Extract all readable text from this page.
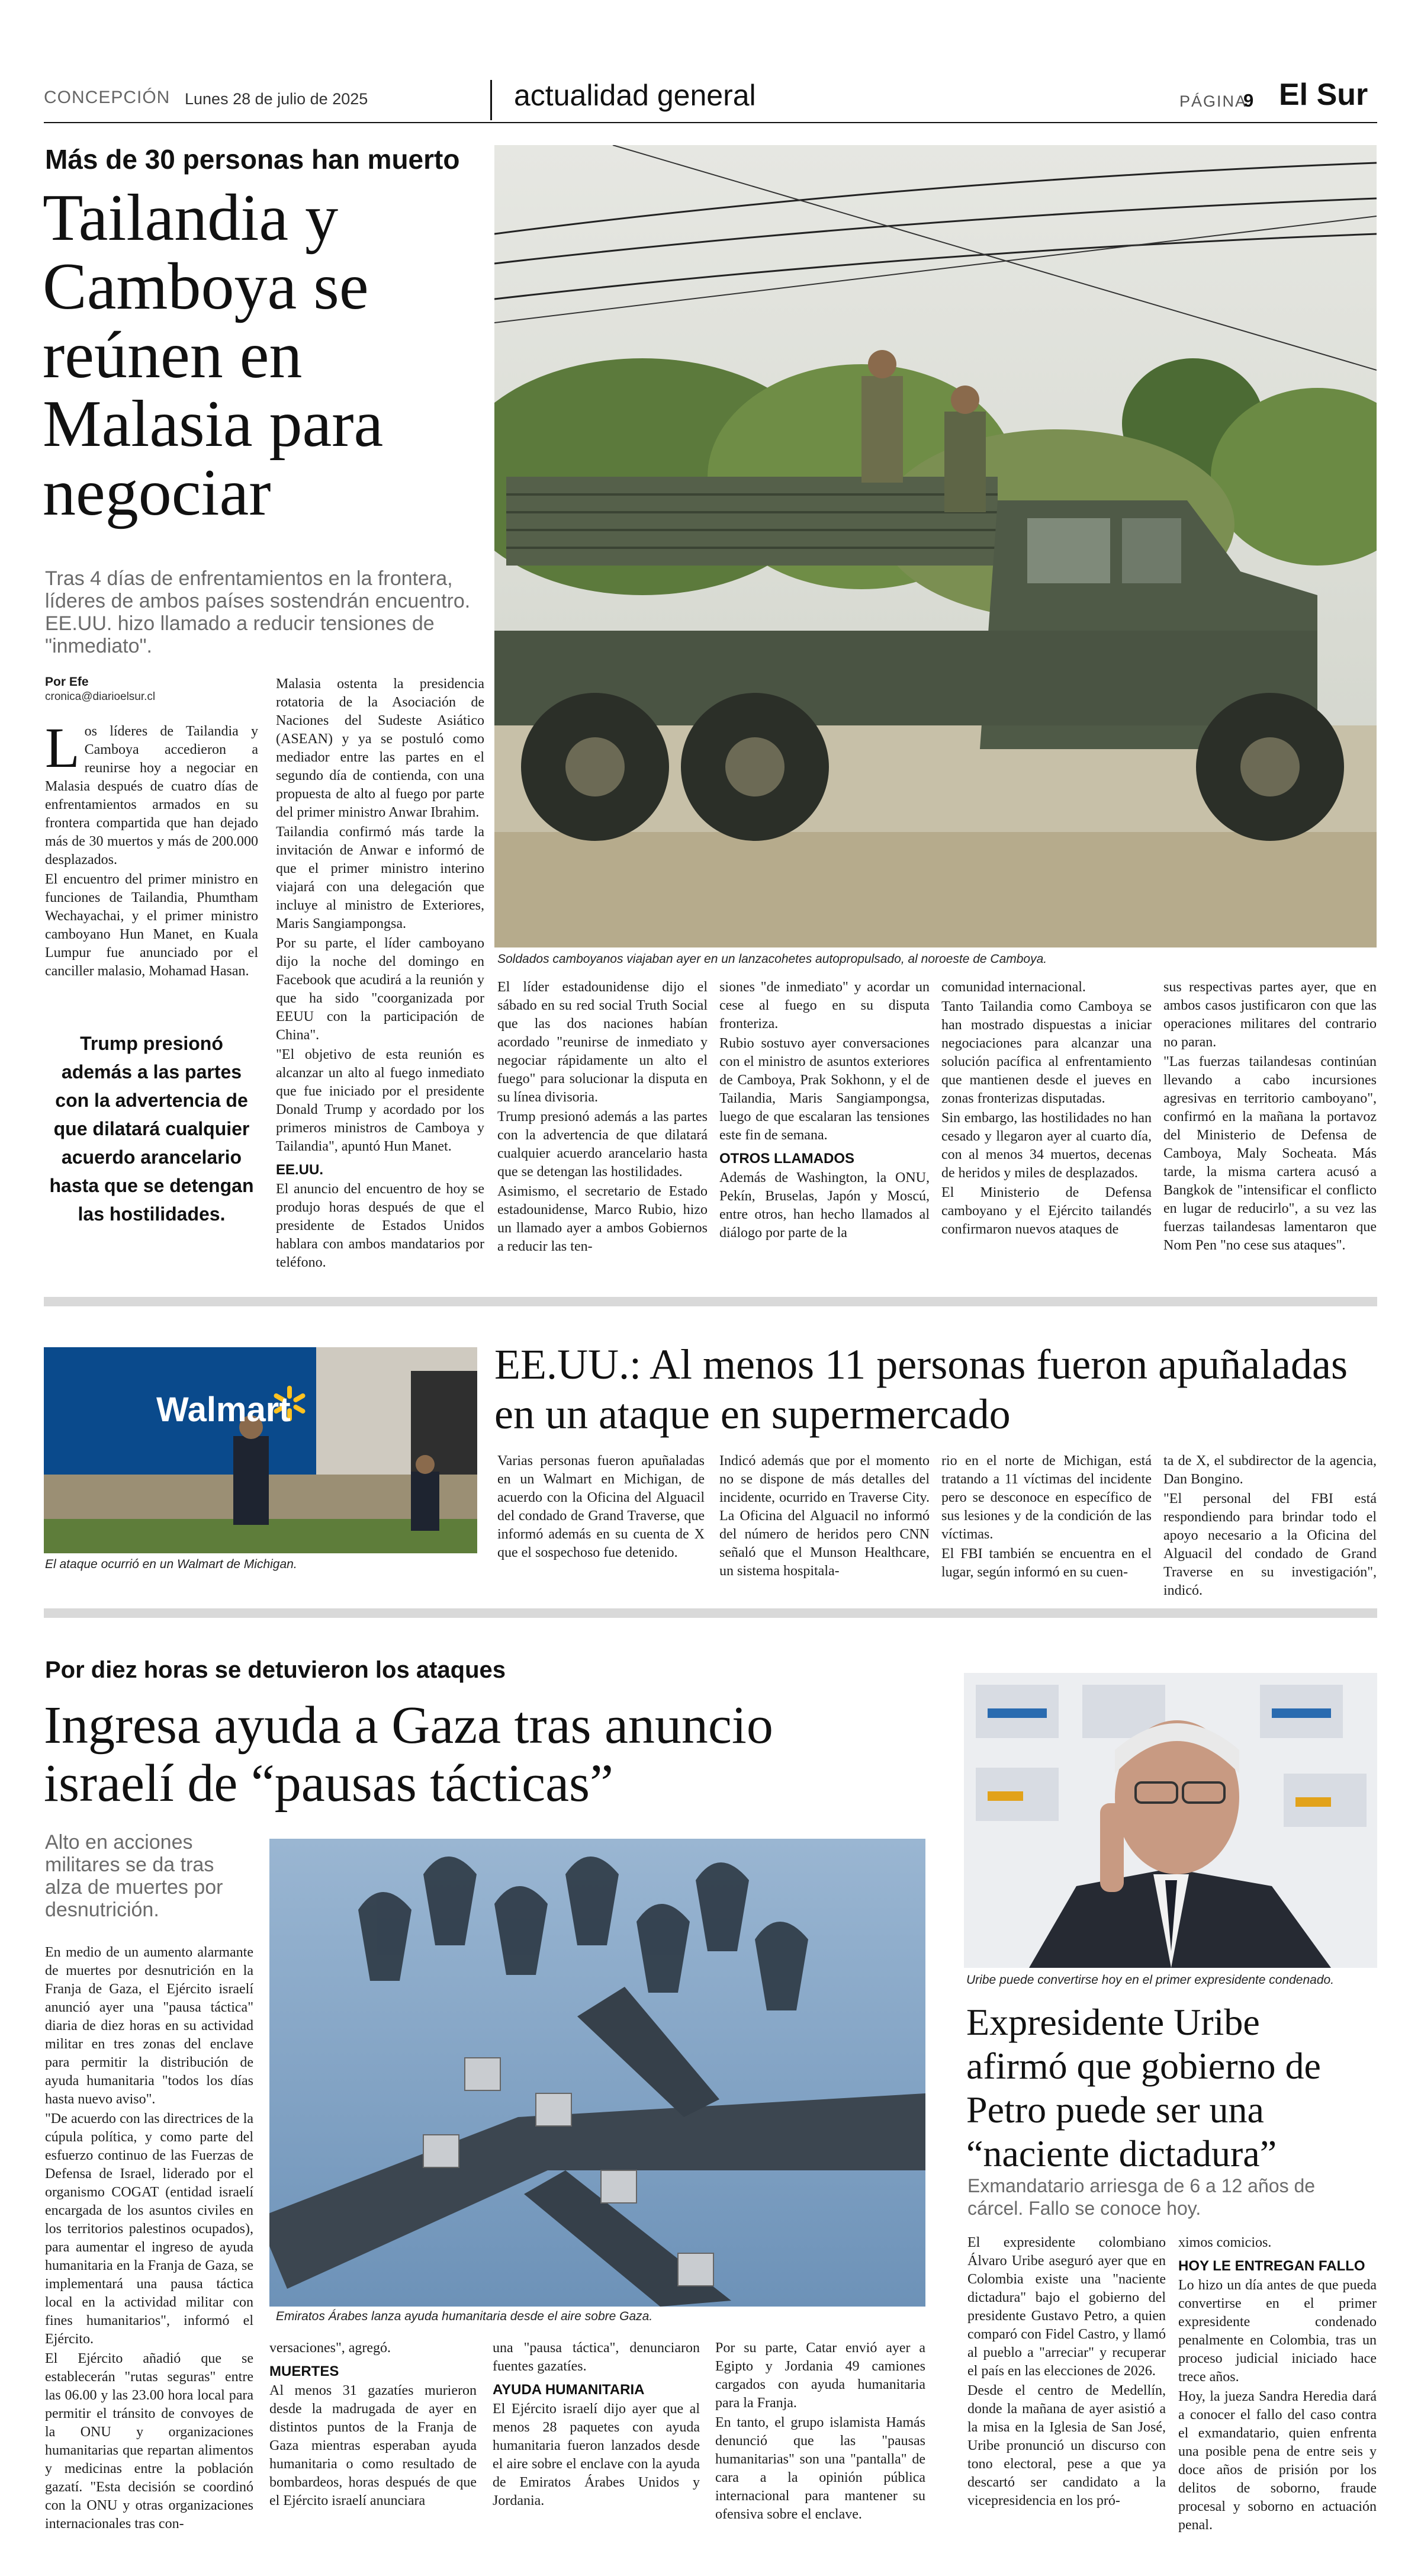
CONCEPCIÓN Lunes 28 de julio de 2025	actualidad general	PÁGINA
9 El Sur
Más de 30 personas han muerto
Tailandia y
Camboya se
reúnen en
Malasia para
negociar
Tras 4 días de enfrentamientos en la frontera, líderes de ambos países sostendrán encuentro. EE.UU. hizo llamado a reducir tensiones de "inmediato".
Por Efe
cronica@diarioelsur.cl

Los líderes de Tailandia y Camboya accedieron a reunirse hoy a negociar en Malasia después de cuatro días de enfrentamientos armados en su frontera compartida que han dejado más de 30 muertos y más de 200.000 desplazados.

El encuentro del primer ministro en funciones de Tailandia, Phumtham Wechayachai, y el primer ministro camboyano Hun Manet, en Kuala Lumpur fue anunciado por el canciller malasio, Mohamad Hasan.

Trump presionó además a las partes con la advertencia de que dilatará cualquier acuerdo arancelario hasta que se detengan las hostilidades.

Malasia ostenta la presidencia rotatoria de la Asociación de Naciones del Sudeste Asiático (ASEAN) y ya se postuló como mediador entre las partes en el segundo día de contienda, con una propuesta de alto al fuego por parte del primer ministro Anwar Ibrahim.

Tailandia confirmó más tarde la invitación de Anwar e informó de que el primer ministro interino viajará con una delegación que incluye al ministro de Exteriores, Maris Sangiampongsa.

Por su parte, el líder camboyano dijo la noche del domingo en Facebook que acudirá a la reunión y que ha sido "coorganizada por EEUU con la participación de China".

"El objetivo de esta reunión es alcanzar un alto al fuego inmediato que fue iniciado por el presidente Donald Trump y acordado por los primeros ministros de Camboya y Tailandia", apuntó Hun Manet.

EE.UU.

El anuncio del encuentro de hoy se produjo horas después de que el presidente de Estados Unidos hablara con ambos mandatarios por teléfono.

Soldados camboyanos viajaban ayer en un lanzacohetes autopropulsado, al noroeste de Camboya.

El líder estadounidense dijo el sábado en su red social Truth Social que las dos naciones habían acordado "reunirse de inmediato y negociar rápidamente un alto el fuego" para solucionar la disputa en su línea divisoria.

Trump presionó además a las partes con la advertencia de que dilatará cualquier acuerdo arancelario hasta que se detengan las hostilidades.

Asimismo, el secretario de Estado estadounidense, Marco Rubio, hizo un llamado ayer a ambos Gobiernos a reducir las ten-

siones "de inmediato" y acordar un cese al fuego en su disputa fronteriza.

Rubio sostuvo ayer conversaciones con el ministro de asuntos exteriores de Camboya, Prak Sokhonn, y el de Tailandia, Maris Sangiampongsa, luego de que escalaran las tensiones este fin de semana.

OTROS LLAMADOS

Además de Washington, la ONU, Pekín, Bruselas, Japón y Moscú, entre otros, han hecho llamados al diálogo por parte de la

comunidad internacional.

Tanto Tailandia como Camboya se han mostrado dispuestas a iniciar negociaciones para alcanzar una solución pacífica al enfrentamiento que mantienen desde el jueves en zonas fronterizas disputadas.

Sin embargo, las hostilidades no han cesado y llegaron ayer al cuarto día, con al menos 34 muertos, decenas de heridos y miles de desplazados.

El Ministerio de Defensa camboyano y el Ejército tailandés confirmaron nuevos ataques de

sus respectivas partes ayer, que en ambos casos justificaron con que las operaciones militares del contrario no paran.

"Las fuerzas tailandesas continúan llevando a cabo incursiones agresivas en territorio camboyano", confirmó en la mañana la portavoz del Ministerio de Defensa de Camboya, Maly Socheata. Más tarde, la misma cartera acusó a Bangkok de "intensificar el conflicto en lugar de reducirlo", a su vez las fuerzas tailandesas lamentaron que Nom Pen "no cese sus ataques".

Walmart
El ataque ocurrió en un Walmart de Michigan.
EE.UU.: Al menos 11 personas fueron apuñaladas en un ataque en supermercado

Varias personas fueron apuñaladas en un Walmart en Michigan, de acuerdo con la Oficina del Alguacil del condado de Grand Traverse, que informó además en su cuenta de X que el sospechoso fue detenido.

Indicó además que por el momento no se dispone de más detalles del incidente, ocurrido en Traverse City. La Oficina del Alguacil no informó del número de heridos pero CNN señaló que el Munson Healthcare, un sistema hospitala-

rio en el norte de Michigan, está tratando a 11 víctimas del incidente pero se desconoce en específico de sus lesiones y de la condición de las víctimas.

El FBI también se encuentra en el lugar, según informó en su cuen-

ta de X, el subdirector de la agencia, Dan Bongino.

"El personal del FBI está respondiendo para brindar todo el apoyo necesario a la Oficina del Alguacil del condado de Grand Traverse en su investigación", indicó.

Por diez horas se detuvieron los ataques
Ingresa ayuda a Gaza tras anuncio
israelí de “pausas tácticas”
Alto en acciones militares se da tras alza de muertes por desnutrición.

En medio de un aumento alarmante de muertes por desnutrición en la Franja de Gaza, el Ejército israelí anunció ayer una "pausa táctica" diaria de diez horas en su actividad militar en tres zonas del enclave para permitir la distribución de ayuda humanitaria "todos los días hasta nuevo aviso".

"De acuerdo con las directrices de la cúpula política, y como parte del esfuerzo continuo de las Fuerzas de Defensa de Israel, liderado por el organismo COGAT (entidad israelí encargada de los asuntos civiles en los territorios palestinos ocupados), para aumentar el ingreso de ayuda humanitaria en la Franja de Gaza, se implementará una pausa táctica local en la actividad militar con fines humanitarios", informó el Ejército.

El Ejército añadió que se establecerán "rutas seguras" entre las 06.00 y las 23.00 hora local para permitir el tránsito de convoyes de la ONU y organizaciones humanitarias que repartan alimentos y medicinas entre la población gazatí. "Esta decisión se coordinó con la ONU y otras organizaciones internacionales tras con-

Emiratos Árabes lanza ayuda humanitaria desde el aire sobre Gaza.

versaciones", agregó.

MUERTES

Al menos 31 gazatíes murieron desde la madrugada de ayer en distintos puntos de la Franja de Gaza mientras esperaban ayuda humanitaria o como resultado de bombardeos, horas después de que el Ejército israelí anunciara

una "pausa táctica", denunciaron fuentes gazatíes.

AYUDA HUMANITARIA

El Ejército israelí dijo ayer que al menos 28 paquetes con ayuda humanitaria fueron lanzados desde el aire sobre el enclave con la ayuda de Emiratos Árabes Unidos y Jordania.

Por su parte, Catar envió ayer a Egipto y Jordania 49 camiones cargados con ayuda humanitaria para la Franja.

En tanto, el grupo islamista Hamás denunció que las "pausas humanitarias" son una "pantalla" de cara a la opinión pública internacional para mantener su ofensiva sobre el enclave.

Uribe puede convertirse hoy en el primer expresidente condenado.
Expresidente Uribe
afirmó que gobierno de
Petro puede ser una
“naciente dictadura”
Exmandatario arriesga de 6 a 12 años de cárcel. Fallo se conoce hoy.

El expresidente colombiano Álvaro Uribe aseguró ayer que en Colombia existe una "naciente dictadura" bajo el gobierno del presidente Gustavo Petro, a quien comparó con Fidel Castro, y llamó al pueblo a "arreciar" y recuperar el país en las elecciones de 2026.

Desde el centro de Medellín, donde la mañana de ayer asistió a la misa en la Iglesia de San José, Uribe pronunció un discurso con tono electoral, pese a que ya descartó ser candidato a la vicepresidencia en los pró-

ximos comicios.

HOY LE ENTREGAN FALLO

Lo hizo un día antes de que pueda convertirse en el primer expresidente condenado penalmente en Colombia, tras un proceso judicial iniciado hace trece años.

Hoy, la jueza Sandra Heredia dará a conocer el fallo del caso contra el exmandatario, quien enfrenta una posible pena de entre seis y doce años de prisión por los delitos de soborno, fraude procesal y soborno en actuación penal.
